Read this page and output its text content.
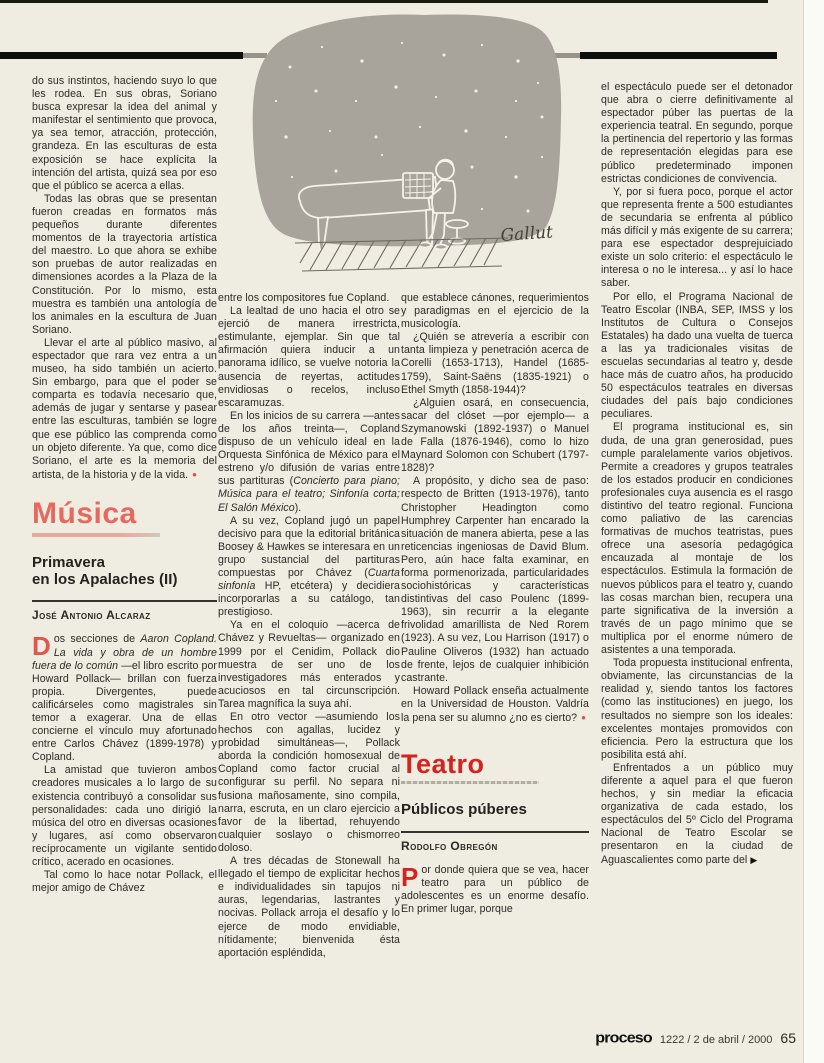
Gallut

do sus instintos, haciendo suyo lo que les rodea. En sus obras, Soriano busca expresar la idea del animal y manifestar el sentimiento que provoca, ya sea temor, atracción, protección, grandeza. En las esculturas de esta exposición se hace explícita la intención del artista, quizá sea por eso que el público se acerca a ellas.

Todas las obras que se presentan fueron creadas en formatos más pequeños durante diferentes momentos de la trayectoria artística del maestro. Lo que ahora se exhibe son pruebas de autor realizadas en dimensiones acordes a la Plaza de la Constitución. Por lo mismo, esta muestra es también una antología de los animales en la escultura de Juan Soriano.

Llevar el arte al público masivo, al espectador que rara vez entra a un museo, ha sido también un acierto. Sin embargo, para que el poder se comparta es todavía necesario que, además de jugar y sentarse y pasear entre las esculturas, también se logre que ese público las comprenda como un objeto diferente. Ya que, como dice Soriano, el arte es la memoria del artista, de la historia y de la vida. ●

Música
Primavera
en los Apalaches (II)
José Antonio Alcaraz

Dos secciones de Aaron Copland. La vida y obra de un hombre fuera de lo común —el libro escrito por Howard Pollack— brillan con fuerza propia. Divergentes, puede calificárseles como magistrales sin temor a exagerar. Una de ellas concierne el vínculo muy afortunado entre Carlos Chávez (1899-1978) y Copland.

La amistad que tuvieron ambos creadores musicales a lo largo de su existencia contribuyó a consolidar sus personalidades: cada uno dirigió la música del otro en diversas ocasiones y lugares, así como observaron recíprocamente un vigilante sentido crítico, acerado en ocasiones.

Tal como lo hace notar Pollack, el mejor amigo de Chávez

entre los compositores fue Copland.

La lealtad de uno hacia el otro se ejerció de manera irrestricta, estimulante, ejemplar. Sin que tal afirmación quiera inducir a un panorama idílico, se vuelve notoria la ausencia de reyertas, actitudes envidiosas o recelos, incluso escaramuzas.

En los inicios de su carrera —antes de los años treinta—, Copland dispuso de un vehículo ideal en la Orquesta Sinfónica de México para el estreno y/o difusión de varias entre sus partituras (Concierto para piano; Música para el teatro; Sinfonía corta; El Salón México).

A su vez, Copland jugó un papel decisivo para que la editorial británica Boosey & Hawkes se interesara en un grupo sustancial del partituras compuestas por Chávez (Cuarta sinfonía HP, etcétera) y decidiera incorporarlas a su catálogo, tan prestigioso.

Ya en el coloquio —acerca de Chávez y Revueltas— organizado en 1999 por el Cenidim, Pollack dio muestra de ser uno de los investigadores más enterados y acuciosos en tal circunscripción. Tarea magnífica la suya ahí.

En otro vector —asumiendo los hechos con agallas, lucidez y probidad simultáneas—, Pollack aborda la condición homosexual de Copland como factor crucial al configurar su perfil. No separa ni fusiona mañosamente, sino compila, narra, escruta, en un claro ejercicio a favor de la libertad, rehuyendo cualquier soslayo o chismorreo doloso.

A tres décadas de Stonewall ha llegado el tiempo de explicitar hechos e individualidades sin tapujos ni auras, legendarias, lastrantes y nocivas. Pollack arroja el desafío y lo ejerce de modo envidiable, nítidamente; bienvenida ésta aportación espléndida,

que establece cánones, requerimientos y paradigmas en el ejercicio de la musicología.

¿Quién se atrevería a escribir con tanta limpieza y penetración acerca de Corelli (1653-1713), Handel (1685-1759), Saint-Saëns (1835-1921) o Ethel Smyth (1858-1944)?

¿Alguien osará, en consecuencia, sacar del clóset —por ejemplo— a Szymanowski (1892-1937) o Manuel de Falla (1876-1946), como lo hizo Maynard Solomon con Schubert (1797-1828)?

A propósito, y dicho sea de paso: respecto de Britten (1913-1976), tanto Christopher Headington como Humphrey Carpenter han encarado la situación de manera abierta, pese a las reticencias ingeniosas de David Blum. Pero, aún hace falta examinar, en forma pormenorizada, particularidades sociohistóricas y características distintivas del caso Poulenc (1899-1963), sin recurrir a la elegante frivolidad amarillista de Ned Rorem (1923). A su vez, Lou Harrison (1917) o Pauline Oliveros (1932) han actuado de frente, lejos de cualquier inhibición castrante.

Howard Pollack enseña actualmente en la Universidad de Houston. Valdría la pena ser su alumno ¿no es cierto? ●

Teatro
Públicos púberes
Rodolfo Obregón

Por donde quiera que se vea, hacer teatro para un público de adolescentes es un enorme desafío. En primer lugar, porque

el espectáculo puede ser el detonador que abra o cierre definitivamente al espectador púber las puertas de la experiencia teatral. En segundo, porque la pertinencia del repertorio y las formas de representación elegidas para ese público predeterminado imponen estrictas condiciones de convivencia.

Y, por si fuera poco, porque el actor que representa frente a 500 estudiantes de secundaria se enfrenta al público más difícil y más exigente de su carrera; para ese espectador desprejuiciado existe un solo criterio: el espectáculo le interesa o no le interesa... y así lo hace saber.

Por ello, el Programa Nacional de Teatro Escolar (INBA, SEP, IMSS y los Institutos de Cultura o Consejos Estatales) ha dado una vuelta de tuerca a las ya tradicionales visitas de escuelas secundarias al teatro y, desde hace más de cuatro años, ha producido 50 espectáculos teatrales en diversas ciudades del país bajo condiciones peculiares.

El programa institucional es, sin duda, de una gran generosidad, pues cumple paralelamente varios objetivos. Permite a creadores y grupos teatrales de los estados producir en condiciones profesionales cuya ausencia es el rasgo distintivo del teatro regional. Funciona como paliativo de las carencias formativas de muchos teatristas, pues ofrece una asesoría pedagógica encauzada al montaje de los espectáculos. Estimula la formación de nuevos públicos para el teatro y, cuando las cosas marchan bien, recupera una parte significativa de la inversión a través de un pago mínimo que se multiplica por el enorme número de asistentes a una temporada.

Toda propuesta institucional enfrenta, obviamente, las circunstancias de la realidad y, siendo tantos los factores (como las instituciones) en juego, los resultados no siempre son los ideales: excelentes montajes promovidos con eficiencia. Pero la estructura que los posibilita está ahí.

Enfrentados a un público muy diferente a aquel para el que fueron hechos, y sin mediar la eficacia organizativa de cada estado, los espectáculos del 5º Ciclo del Programa Nacional de Teatro Escolar se presentaron en la ciudad de Aguascalientes como parte del ▶

proceso 1222 / 2 de abril / 2000 65
